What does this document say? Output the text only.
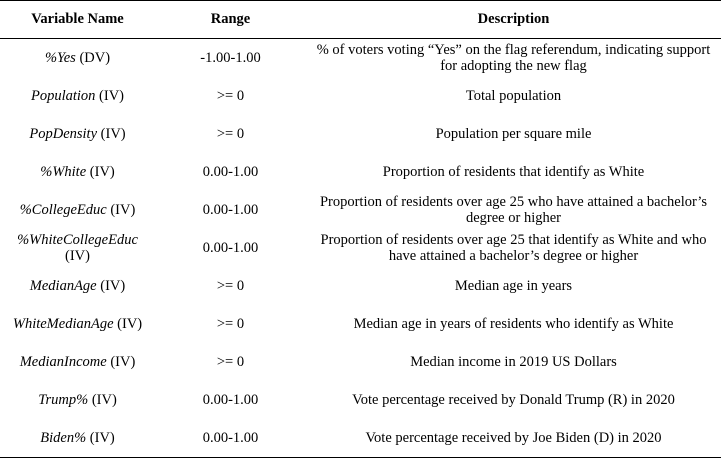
Variable Name	Range	Description
%Yes (DV)	-1.00-1.00	% of voters voting “Yes” on the flag referendum, indicating support for adopting the new flag
Population (IV)	>= 0	Total population
PopDensity (IV)	>= 0	Population per square mile
%White (IV)	0.00-1.00	Proportion of residents that identify as White
%CollegeEduc (IV)	0.00-1.00	Proportion of residents over age 25 who have attained a bachelor’s degree or higher
%WhiteCollegeEduc (IV)	0.00-1.00	Proportion of residents over age 25 that identify as White and who have attained a bachelor’s degree or higher
MedianAge (IV)	>= 0	Median age in years
WhiteMedianAge (IV)	>= 0	Median age in years of residents who identify as White
MedianIncome (IV)	>= 0	Median income in 2019 US Dollars
Trump% (IV)	0.00-1.00	Vote percentage received by Donald Trump (R) in 2020
Biden% (IV)	0.00-1.00	Vote percentage received by Joe Biden (D) in 2020
